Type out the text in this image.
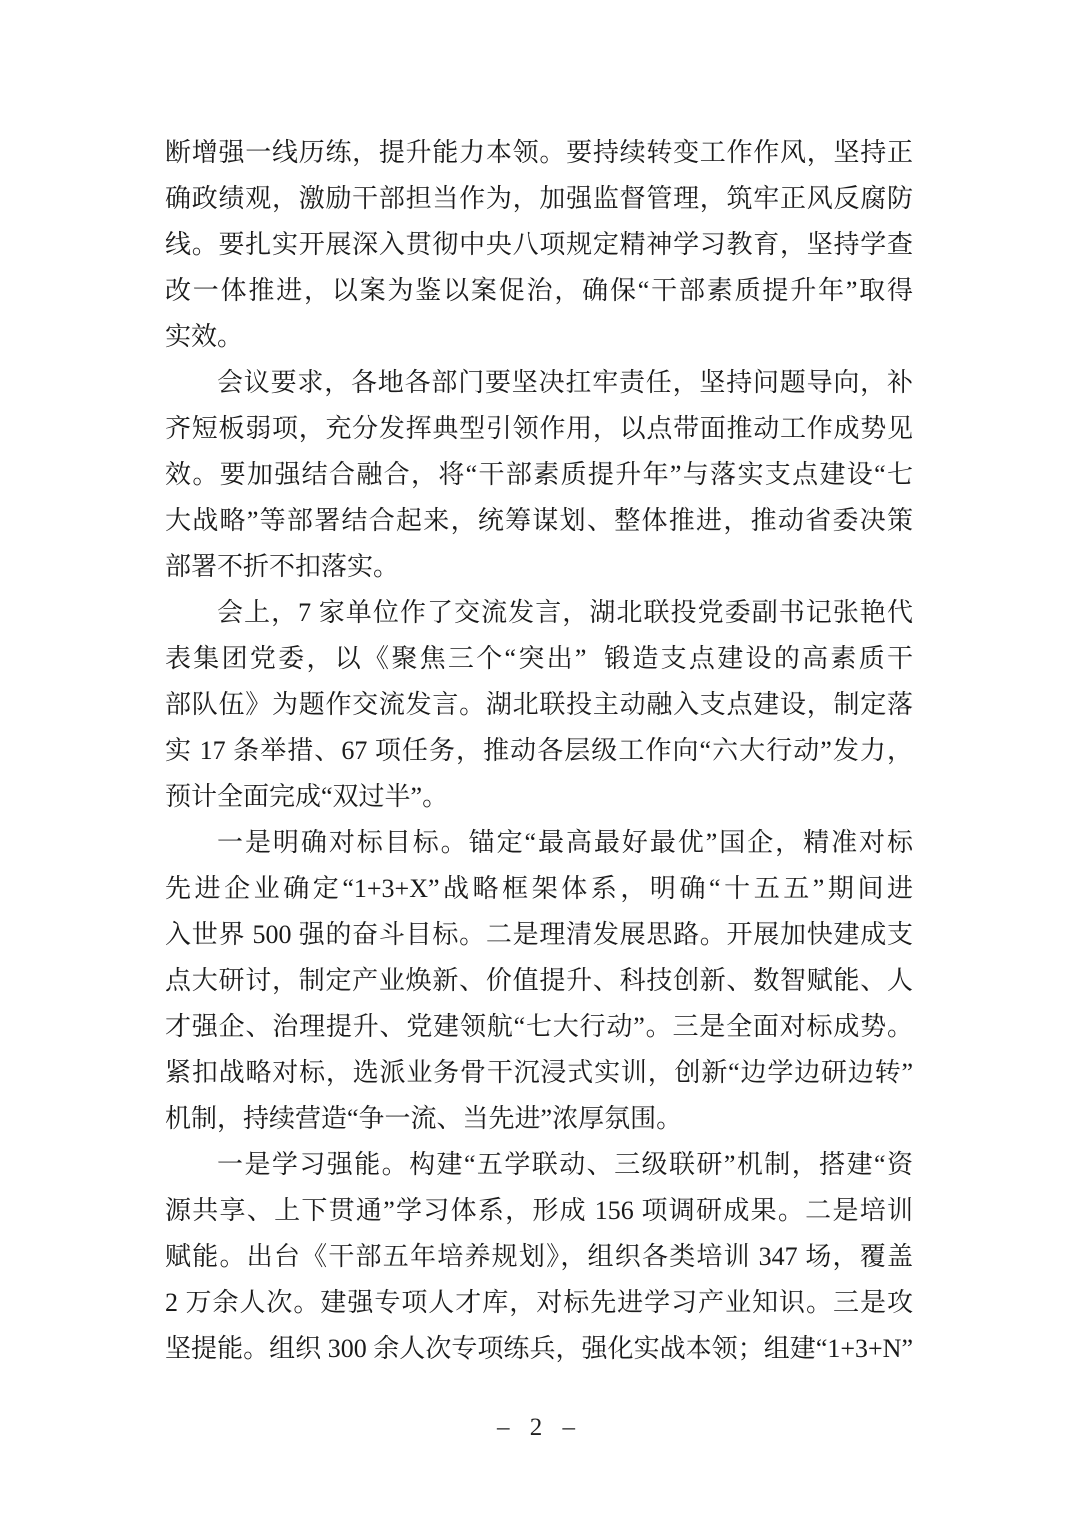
断增强一线历练，提升能力本领。要持续转变工作作风，坚持正
确政绩观，激励干部担当作为，加强监督管理，筑牢正风反腐防
线。要扎实开展深入贯彻中央八项规定精神学习教育，坚持学查
改一体推进，以案为鉴以案促治，确保“干部素质提升年”取得
实效。
会议要求，各地各部门要坚决扛牢责任，坚持问题导向，补
齐短板弱项，充分发挥典型引领作用，以点带面推动工作成势见
效。要加强结合融合，将“干部素质提升年”与落实支点建设“七
大战略”等部署结合起来，统筹谋划、整体推进，推动省委决策
部署不折不扣落实。
会上，7 家单位作了交流发言，湖北联投党委副书记张艳代
表集团党委，以《聚焦三个“突出”  锻造支点建设的高素质干
部队伍》为题作交流发言。湖北联投主动融入支点建设，制定落
实 17 条举措、67 项任务，推动各层级工作向“六大行动”发力，
预计全面完成“双过半”。
一是明确对标目标。锚定“最高最好最优”国企，精准对标
先进企业确定“1+3+X”战略框架体系，明确“十五五”期间进
入世界 500 强的奋斗目标。二是理清发展思路。开展加快建成支
点大研讨，制定产业焕新、价值提升、科技创新、数智赋能、人
才强企、治理提升、党建领航“七大行动”。三是全面对标成势。
紧扣战略对标，选派业务骨干沉浸式实训，创新“边学边研边转”
机制，持续营造“争一流、当先进”浓厚氛围。
一是学习强能。构建“五学联动、三级联研”机制，搭建“资
源共享、上下贯通”学习体系，形成 156 项调研成果。二是培训
赋能。出台《干部五年培养规划》，组织各类培训 347 场，覆盖
2 万余人次。建强专项人才库，对标先进学习产业知识。三是攻
坚提能。组织 300 余人次专项练兵，强化实战本领；组建“1+3+N”
– 2 –
